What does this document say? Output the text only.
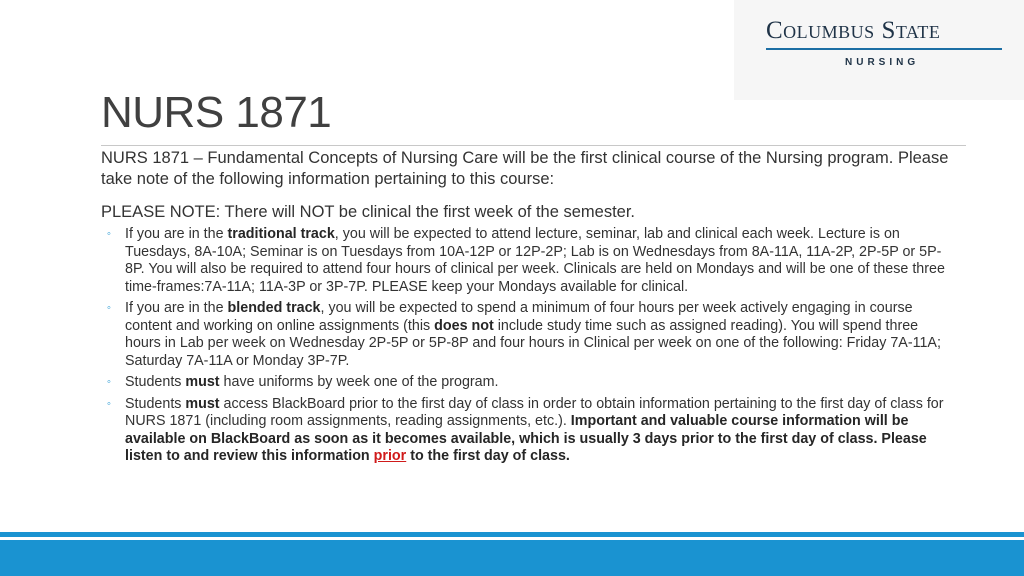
Columbus State
NURSING
NURS 1871
NURS 1871 – Fundamental Concepts of Nursing Care will be the first clinical course of the Nursing program. Please take note of the following information pertaining to this course:
PLEASE NOTE: There will NOT be clinical the first week of the semester.
◦ If you are in the traditional track, you will be expected to attend lecture, seminar, lab and clinical each week. Lecture is on Tuesdays, 8A-10A; Seminar is on Tuesdays from 10A-12P or 12P-2P; Lab is on Wednesdays from 8A-11A, 11A-2P, 2P-5P or 5P-8P. You will also be required to attend four hours of clinical per week. Clinicals are held on Mondays and will be one of these three time-frames:7A-11A; 11A-3P or 3P-7P. PLEASE keep your Mondays available for clinical.
◦ If you are in the blended track, you will be expected to spend a minimum of four hours per week actively engaging in course content and working on online assignments (this does not include study time such as assigned reading). You will spend three hours in Lab per week on Wednesday 2P-5P or 5P-8P and four hours in Clinical per week on one of the following: Friday 7A-11A; Saturday 7A-11A or Monday 3P-7P.
◦ Students must have uniforms by week one of the program.
◦ Students must access BlackBoard prior to the first day of class in order to obtain information pertaining to the first day of class for NURS 1871 (including room assignments, reading assignments, etc.). Important and valuable course information will be available on BlackBoard as soon as it becomes available, which is usually 3 days prior to the first day of class. Please listen to and review this information prior to the first day of class.
